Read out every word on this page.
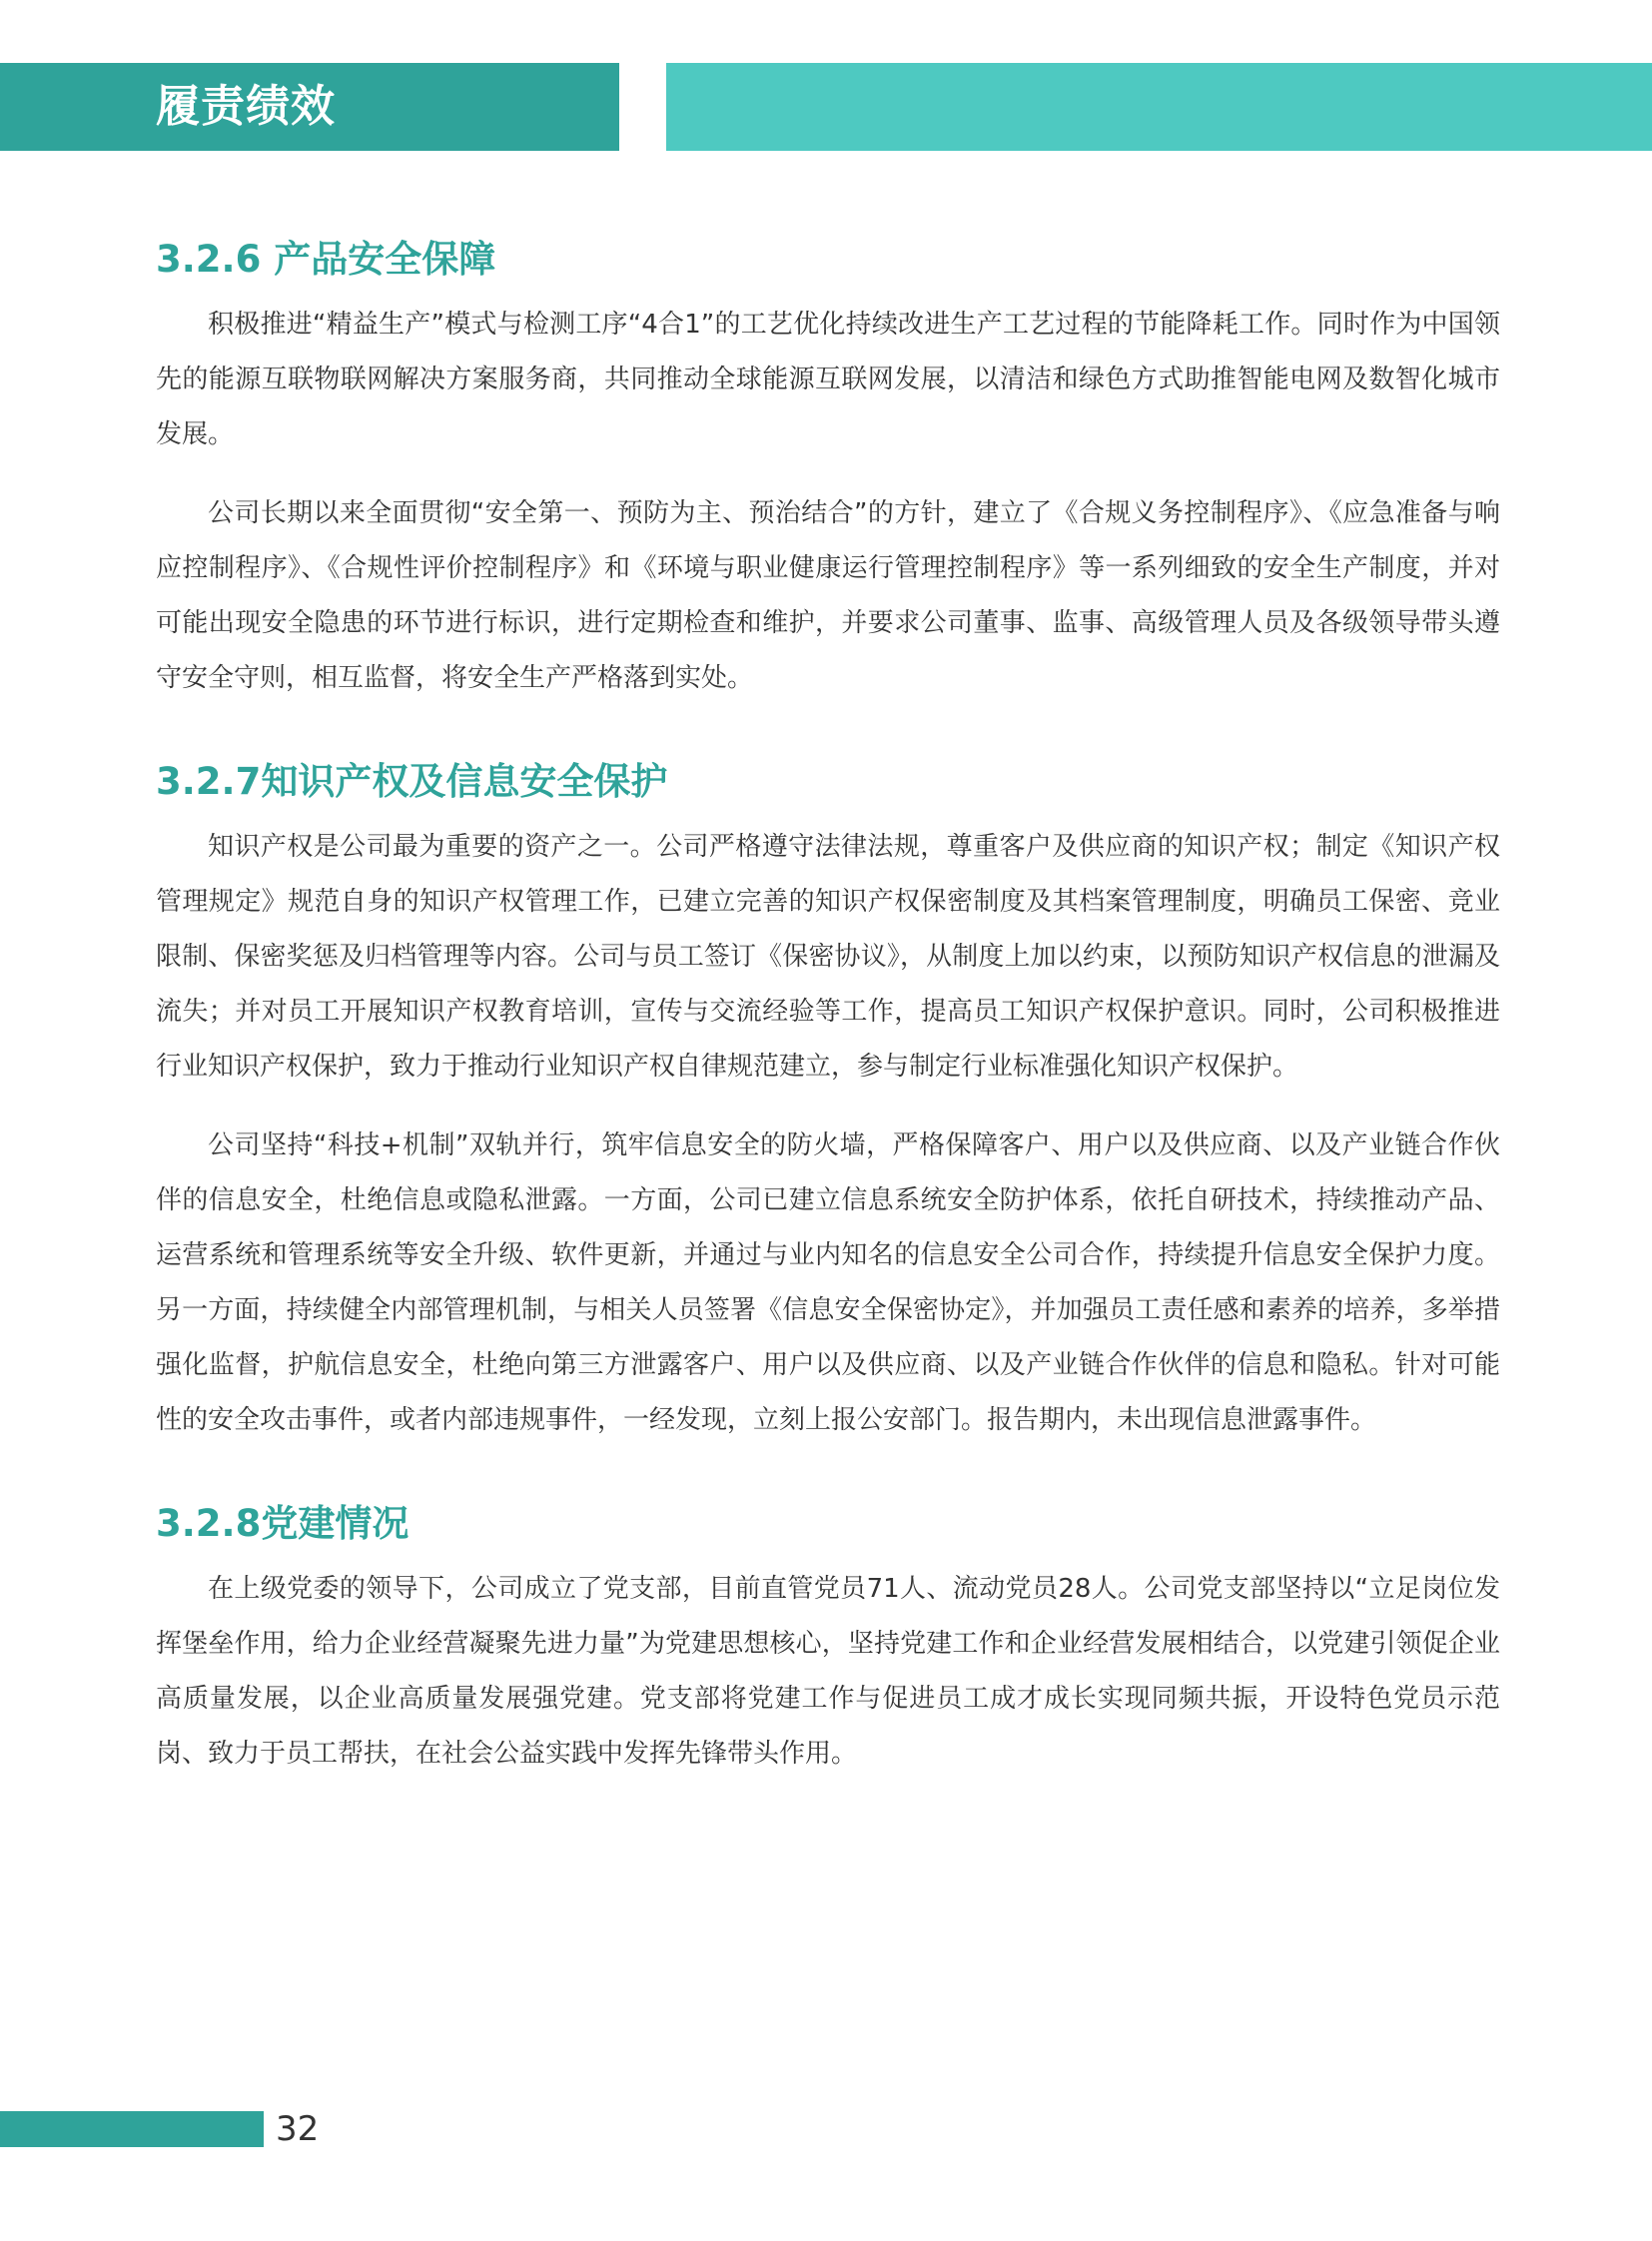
履责绩效
3.2.6 产品安全保障

积极推进“精益生产”模式与检测工序“4合1”的工艺优化持续改进生产工艺过程的节能降耗工作。同时作为中国领先的能源互联物联网解决方案服务商，共同推动全球能源互联网发展，以清洁和绿色方式助推智能电网及数智化城市发展。

公司长期以来全面贯彻“安全第一、预防为主、预治结合”的方针，建立了《合规义务控制程序》、《应急准备与响应控制程序》、《合规性评价控制程序》和《环境与职业健康运行管理控制程序》等一系列细致的安全生产制度，并对可能出现安全隐患的环节进行标识，进行定期检查和维护，并要求公司董事、监事、高级管理人员及各级领导带头遵守安全守则，相互监督，将安全生产严格落到实处。

3.2.7知识产权及信息安全保护

知识产权是公司最为重要的资产之一。公司严格遵守法律法规，尊重客户及供应商的知识产权；制定《知识产权管理规定》规范自身的知识产权管理工作，已建立完善的知识产权保密制度及其档案管理制度，明确员工保密、竞业限制、保密奖惩及归档管理等内容。公司与员工签订《保密协议》，从制度上加以约束，以预防知识产权信息的泄漏及流失；并对员工开展知识产权教育培训，宣传与交流经验等工作，提高员工知识产权保护意识。同时，公司积极推进行业知识产权保护，致力于推动行业知识产权自律规范建立，参与制定行业标准强化知识产权保护。

公司坚持“科技+机制”双轨并行，筑牢信息安全的防火墙，严格保障客户、用户以及供应商、以及产业链合作伙伴的信息安全，杜绝信息或隐私泄露。一方面，公司已建立信息系统安全防护体系，依托自研技术，持续推动产品、运营系统和管理系统等安全升级、软件更新，并通过与业内知名的信息安全公司合作，持续提升信息安全保护力度。另一方面，持续健全内部管理机制，与相关人员签署《信息安全保密协定》，并加强员工责任感和素养的培养，多举措强化监督，护航信息安全，杜绝向第三方泄露客户、用户以及供应商、以及产业链合作伙伴的信息和隐私。针对可能性的安全攻击事件，或者内部违规事件，一经发现，立刻上报公安部门。报告期内，未出现信息泄露事件。

3.2.8党建情况

在上级党委的领导下，公司成立了党支部，目前直管党员71人、流动党员28人。公司党支部坚持以“立足岗位发挥堡垒作用，给力企业经营凝聚先进力量”为党建思想核心，坚持党建工作和企业经营发展相结合，以党建引领促企业高质量发展，以企业高质量发展强党建。党支部将党建工作与促进员工成才成长实现同频共振，开设特色党员示范岗、致力于员工帮扶，在社会公益实践中发挥先锋带头作用。

32
